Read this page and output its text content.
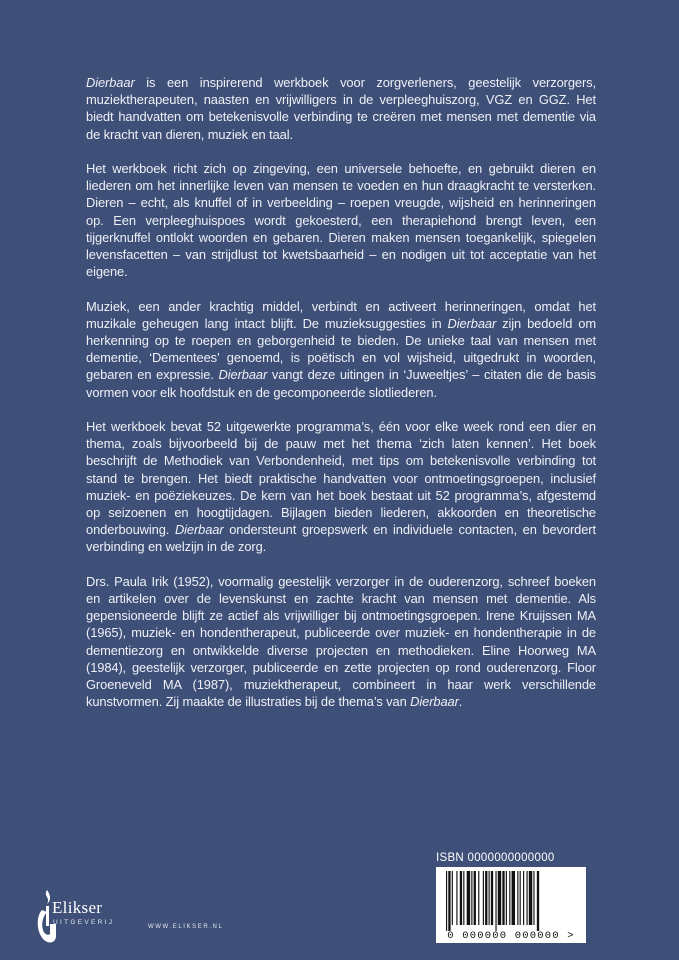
Dierbaar is een inspirerend werkboek voor zorgverleners, geestelijk verzorgers, muziektherapeuten, naasten en vrijwilligers in de verpleeghuiszorg, VGZ en GGZ. Het biedt handvatten om betekenisvolle verbinding te creëren met mensen met dementie via de kracht van dieren, muziek en taal.

Het werkboek richt zich op zingeving, een universele behoefte, en gebruikt dieren en liederen om het innerlijke leven van mensen te voeden en hun draagkracht te versterken. Dieren – echt, als knuffel of in verbeelding – roepen vreugde, wijsheid en herinneringen op. Een verpleeghuispoes wordt gekoesterd, een therapiehond brengt leven, een tijgerknuffel ontlokt woorden en gebaren. Dieren maken mensen toegankelijk, spiegelen levensfacetten – van strijdlust tot kwetsbaarheid – en nodigen uit tot acceptatie van het eigene.

Muziek, een ander krachtig middel, verbindt en activeert herinneringen, omdat het muzikale geheugen lang intact blijft. De muzieksuggesties in Dierbaar zijn bedoeld om herkenning op te roepen en geborgenheid te bieden. De unieke taal van mensen met dementie, ‘Dementees’ genoemd, is poëtisch en vol wijsheid, uitgedrukt in woorden, gebaren en expressie. Dierbaar vangt deze uitingen in ‘Juweeltjes’ – citaten die de basis vormen voor elk hoofdstuk en de gecomponeerde slotliederen.

Het werkboek bevat 52 uitgewerkte programma’s, één voor elke week rond een dier en thema, zoals bijvoorbeeld bij de pauw met het thema ‘zich laten kennen’. Het boek beschrijft de Methodiek van Verbondenheid, met tips om betekenisvolle verbinding tot stand te brengen. Het biedt praktische handvatten voor ontmoetingsgroepen, inclusief muziek- en poëziekeuzes. De kern van het boek bestaat uit 52 programma’s, afgestemd op seizoenen en hoogtijdagen. Bijlagen bieden liederen, akkoorden en theoretische onderbouwing. Dierbaar ondersteunt groepswerk en individuele contacten, en bevordert verbinding en welzijn in de zorg.

Drs. Paula Irik (1952), voormalig geestelijk verzorger in de ouderenzorg, schreef boeken en artikelen over de levenskunst en zachte kracht van mensen met dementie. Als gepensioneerde blijft ze actief als vrijwilliger bij ontmoetingsgroepen. Irene Kruijssen MA (1965), muziek- en hondentherapeut, publiceerde over muziek- en hondentherapie in de dementiezorg en ontwikkelde diverse projecten en methodieken. Eline Hoorweg MA (1984), geestelijk verzorger, publiceerde en zette projecten op rond ouderenzorg. Floor Groeneveld MA (1987), muziektherapeut, combineert in haar werk verschillende kunstvormen. Zij maakte de illustraties bij de thema’s van Dierbaar.

Elikser
UITGEVERIJ
WWW.ELIKSER.NL
ISBN 0000000000000
0 000000 000000 >
